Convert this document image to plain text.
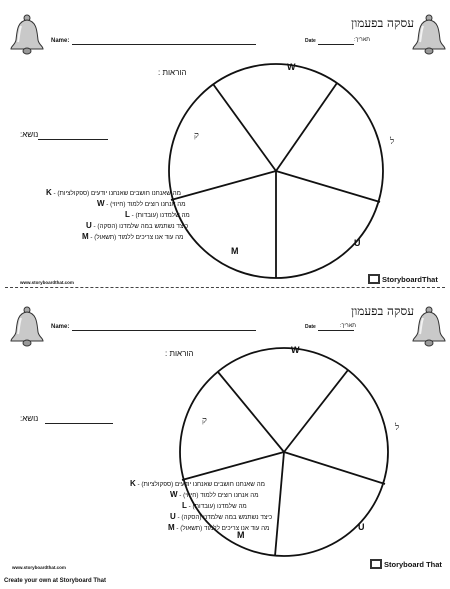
Name:	Date	תאריך:
עסקה בפעמון
הוראות :
נושא:
W
ל
U
M
ק
K - מה שאנחנו חושבים שאנחנו יודעים (ספקולציות)
W - מה אנחנו רוצים ללמוד (חיזוי)
L - מה שלמדנו (עובדות)
U - כיצד נשתמש במה שלמדנו (הסקה)
M - מה עוד אנו צריכים ללמוד (תשאול)
www.storyboardthat.com	StoryboardThat
Name:	Date	תאריך:
עסקה בפעמון
הוראות :
נושא:
W
ל
U
M
ק
K - מה שאנחנו חושבים שאנחנו יודעים (ספקולציות)
W - מה אנחנו רוצים ללמוד (חיזוי)
L - מה שלמדנו (עובדות)
U - כיצד נשתמש במה שלמדנו (הסקה)
M - מה עוד אנו צריכים ללמוד (תשאול)
www.storyboardthat.com	Storyboard That
Create your own at Storyboard That
